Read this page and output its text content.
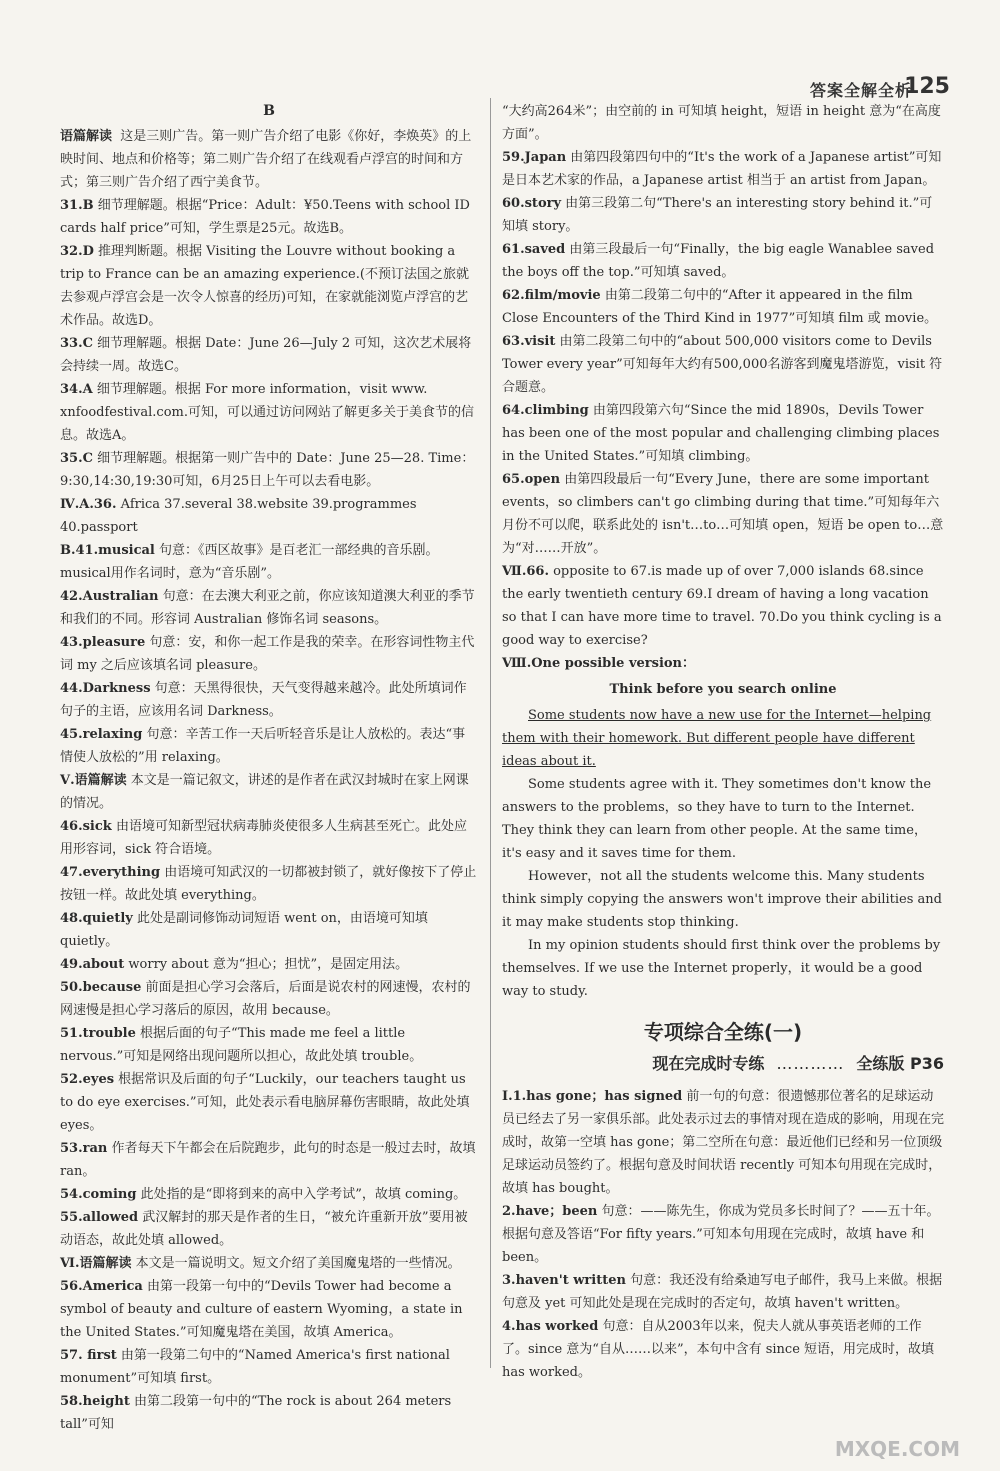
答案全解全析
125
B

语篇解读 这是三则广告。第一则广告介绍了电影《你好，李焕英》的上映时间、地点和价格等；第二则广告介绍了在线观看卢浮宫的时间和方式；第三则广告介绍了西宁美食节。

31.B 细节理解题。根据“Price：Adult：¥50.Teens with school ID cards half price”可知，学生票是25元。故选B。

32.D 推理判断题。根据 Visiting the Louvre without booking a trip to France can be an amazing experience.(不预订法国之旅就去参观卢浮宫会是一次令人惊喜的经历)可知，在家就能浏览卢浮宫的艺术作品。故选D。

33.C 细节理解题。根据 Date：June 26—July 2 可知，这次艺术展将会持续一周。故选C。

34.A 细节理解题。根据 For more information，visit www. xnfoodfestival.com.可知，可以通过访问网站了解更多关于美食节的信息。故选A。

35.C 细节理解题。根据第一则广告中的 Date：June 25—28. Time：9:30,14:30,19:30可知，6月25日上午可以去看电影。

Ⅳ.A.36. Africa 37.several 38.website 39.programmes 40.passport

B.41.musical 句意：《西区故事》是百老汇一部经典的音乐剧。musical用作名词时，意为“音乐剧”。

42.Australian 句意：在去澳大利亚之前，你应该知道澳大利亚的季节和我们的不同。形容词 Australian 修饰名词 seasons。

43.pleasure 句意：安，和你一起工作是我的荣幸。在形容词性物主代词 my 之后应该填名词 pleasure。

44.Darkness 句意：天黑得很快，天气变得越来越冷。此处所填词作句子的主语，应该用名词 Darkness。

45.relaxing 句意：辛苦工作一天后听轻音乐是让人放松的。表达“事情使人放松的”用 relaxing。

Ⅴ.语篇解读 本文是一篇记叙文，讲述的是作者在武汉封城时在家上网课的情况。

46.sick 由语境可知新型冠状病毒肺炎使很多人生病甚至死亡。此处应用形容词，sick 符合语境。

47.everything 由语境可知武汉的一切都被封锁了，就好像按下了停止按钮一样。故此处填 everything。

48.quietly 此处是副词修饰动词短语 went on，由语境可知填 quietly。

49.about worry about 意为“担心；担忧”，是固定用法。

50.because 前面是担心学习会落后，后面是说农村的网速慢，农村的网速慢是担心学习落后的原因，故用 because。

51.trouble 根据后面的句子“This made me feel a little nervous.”可知是网络出现问题所以担心，故此处填 trouble。

52.eyes 根据常识及后面的句子“Luckily，our teachers taught us to do eye exercises.”可知，此处表示看电脑屏幕伤害眼睛，故此处填 eyes。

53.ran 作者每天下午都会在后院跑步，此句的时态是一般过去时，故填 ran。

54.coming 此处指的是“即将到来的高中入学考试”，故填 coming。

55.allowed 武汉解封的那天是作者的生日，“被允许重新开放”要用被动语态，故此处填 allowed。

Ⅵ.语篇解读 本文是一篇说明文。短文介绍了美国魔鬼塔的一些情况。

56.America 由第一段第一句中的“Devils Tower had become a symbol of beauty and culture of eastern Wyoming，a state in the United States.”可知魔鬼塔在美国，故填 America。

57. first 由第一段第二句中的“Named America's first national monument”可知填 first。

58.height 由第二段第一句中的“The rock is about 264 meters tall”可知

“大约高264米”；由空前的 in 可知填 height，短语 in height 意为“在高度方面”。

59.Japan 由第四段第四句中的“It's the work of a Japanese artist”可知是日本艺术家的作品，a Japanese artist 相当于 an artist from Japan。

60.story 由第三段第二句“There's an interesting story behind it.”可知填 story。

61.saved 由第三段最后一句“Finally，the big eagle Wanablee saved the boys off the top.”可知填 saved。

62.film/movie 由第二段第二句中的“After it appeared in the film Close Encounters of the Third Kind in 1977”可知填 film 或 movie。

63.visit 由第二段第二句中的“about 500,000 visitors come to Devils Tower every year”可知每年大约有500,000名游客到魔鬼塔游览，visit 符合题意。

64.climbing 由第四段第六句“Since the mid 1890s，Devils Tower has been one of the most popular and challenging climbing places in the United States.”可知填 climbing。

65.open 由第四段最后一句“Every June，there are some important events，so climbers can't go climbing during that time.”可知每年六月份不可以爬，联系此处的 isn't…to…可知填 open，短语 be open to…意为“对……开放”。

Ⅶ.66. opposite to 67.is made up of over 7,000 islands 68.since the early twentieth century 69.I dream of having a long vacation so that I can have more time to travel. 70.Do you think cycling is a good way to exercise?

Ⅷ.One possible version：

Think before you search online

Some students now have a new use for the Internet—helping them with their homework. But different people have different ideas about it.

Some students agree with it. They sometimes don't know the answers to the problems，so they have to turn to the Internet. They think they can learn from other people. At the same time，it's easy and it saves time for them.

However，not all the students welcome this. Many students think simply copying the answers won't improve their abilities and it may make students stop thinking.

In my opinion students should first think over the problems by themselves. If we use the Internet properly，it would be a good way to study.

专项综合全练(一)
现在完成时专练 ………… 全练版 P36

Ⅰ.1.has gone；has signed 前一句的句意：很遗憾那位著名的足球运动员已经去了另一家俱乐部。此处表示过去的事情对现在造成的影响，用现在完成时，故第一空填 has gone；第二空所在句意：最近他们已经和另一位顶级足球运动员签约了。根据句意及时间状语 recently 可知本句用现在完成时，故填 has bought。

2.have；been 句意：——陈先生，你成为党员多长时间了？——五十年。根据句意及答语“For fifty years.”可知本句用现在完成时，故填 have 和 been。

3.haven't written 句意：我还没有给桑迪写电子邮件，我马上来做。根据句意及 yet 可知此处是现在完成时的否定句，故填 haven't written。

4.has worked 句意：自从2003年以来，倪夫人就从事英语老师的工作了。since 意为“自从……以来”，本句中含有 since 短语，用完成时，故填 has worked。

MXQE.COM
